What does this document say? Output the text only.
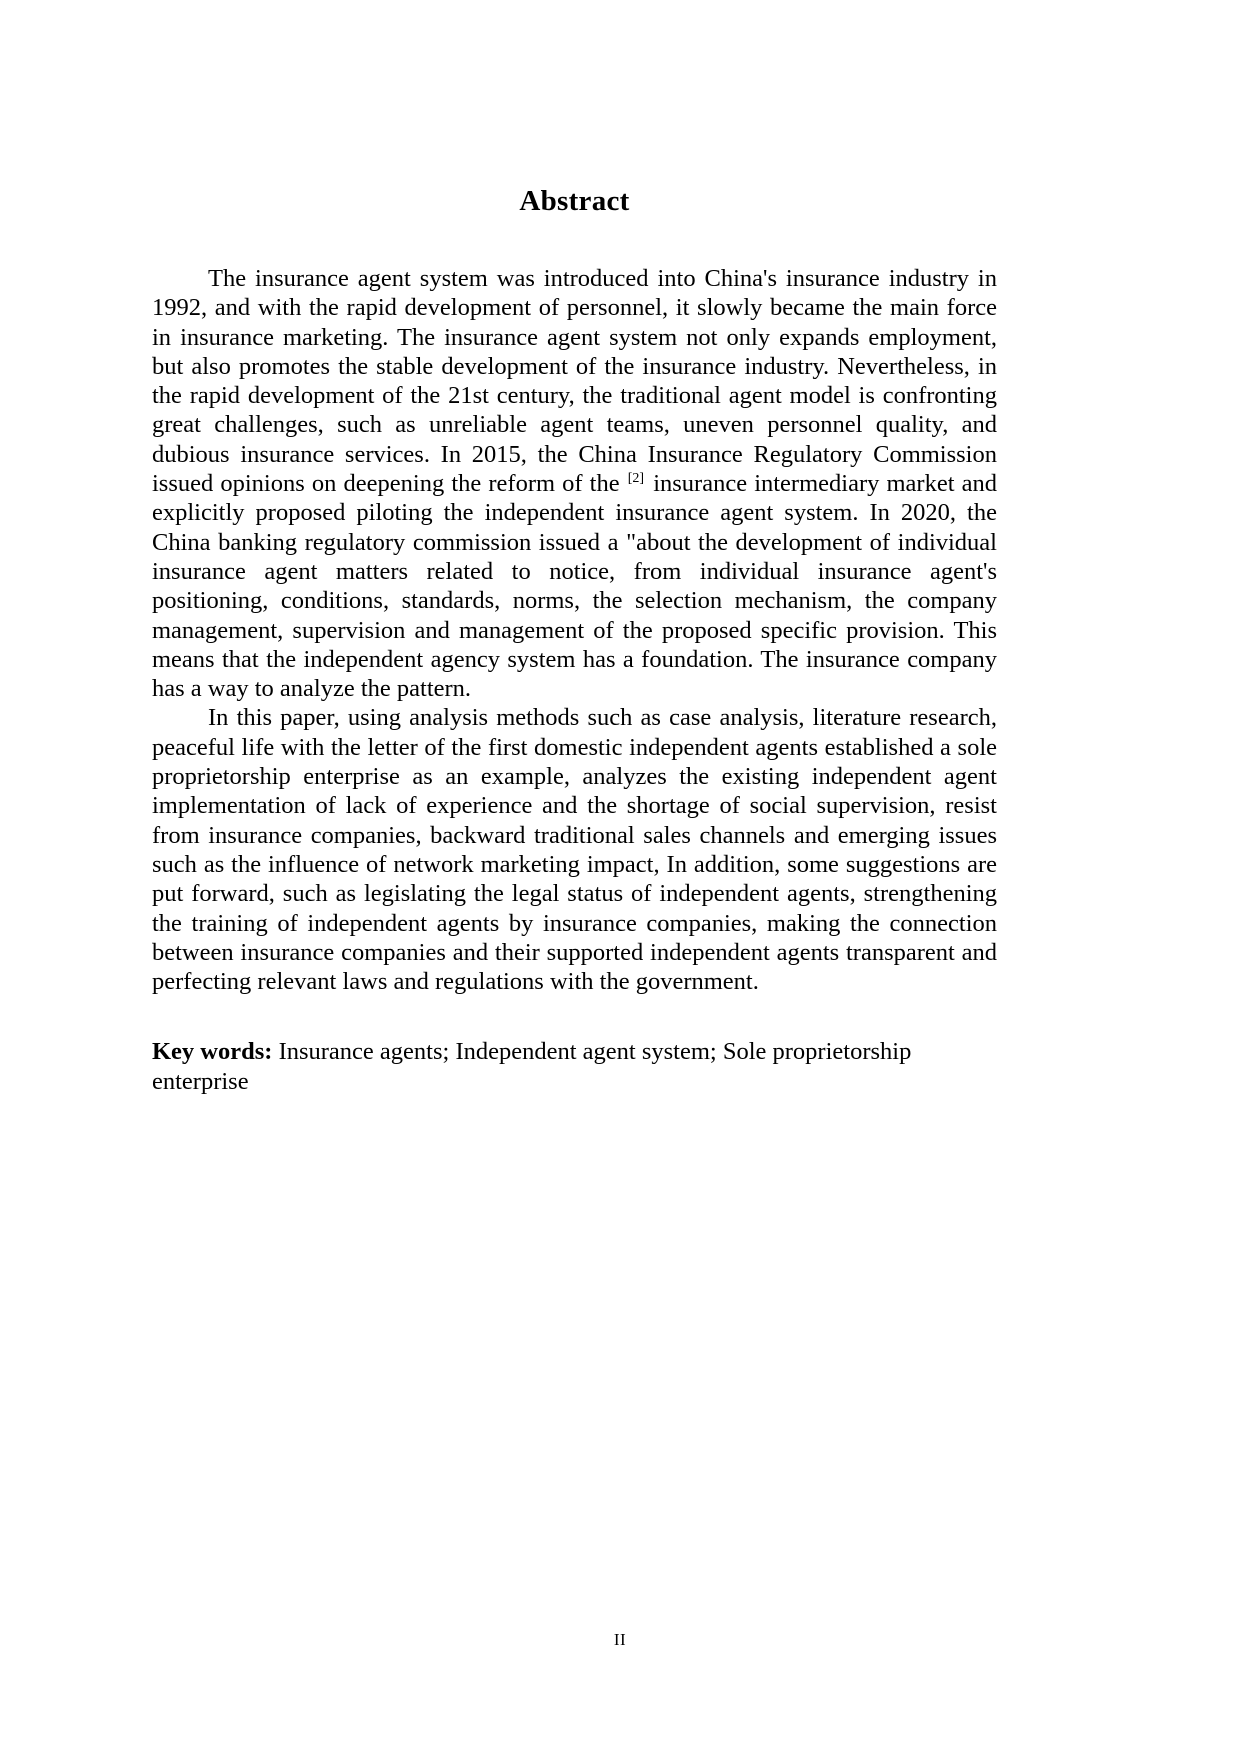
Abstract

The insurance agent system was introduced into China's insurance industry in 1992, and with the rapid development of personnel, it slowly became the main force in insurance marketing. The insurance agent system not only expands employment, but also promotes the stable development of the insurance industry. Nevertheless, in the rapid development of the 21st century, the traditional agent model is confronting great challenges, such as unreliable agent teams, uneven personnel quality, and dubious insurance services. In 2015, the China Insurance Regulatory Commission issued opinions on deepening the reform of the [2] insurance intermediary market and explicitly proposed piloting the independent insurance agent system. In 2020, the China banking regulatory commission issued a "about the development of individual insurance agent matters related to notice, from individual insurance agent's positioning, conditions, standards, norms, the selection mechanism, the company management, supervision and management of the proposed specific provision. This means that the independent agency system has a foundation. The insurance company has a way to analyze the pattern.

In this paper, using analysis methods such as case analysis, literature research, peaceful life with the letter of the first domestic independent agents established a sole proprietorship enterprise as an example, analyzes the existing independent agent implementation of lack of experience and the shortage of social supervision, resist from insurance companies, backward traditional sales channels and emerging issues such as the influence of network marketing impact, In addition, some suggestions are put forward, such as legislating the legal status of independent agents, strengthening the training of independent agents by insurance companies, making the connection between insurance companies and their supported independent agents transparent and perfecting relevant laws and regulations with the government.

Key words: Insurance agents; Independent agent system; Sole proprietorship enterprise

II
